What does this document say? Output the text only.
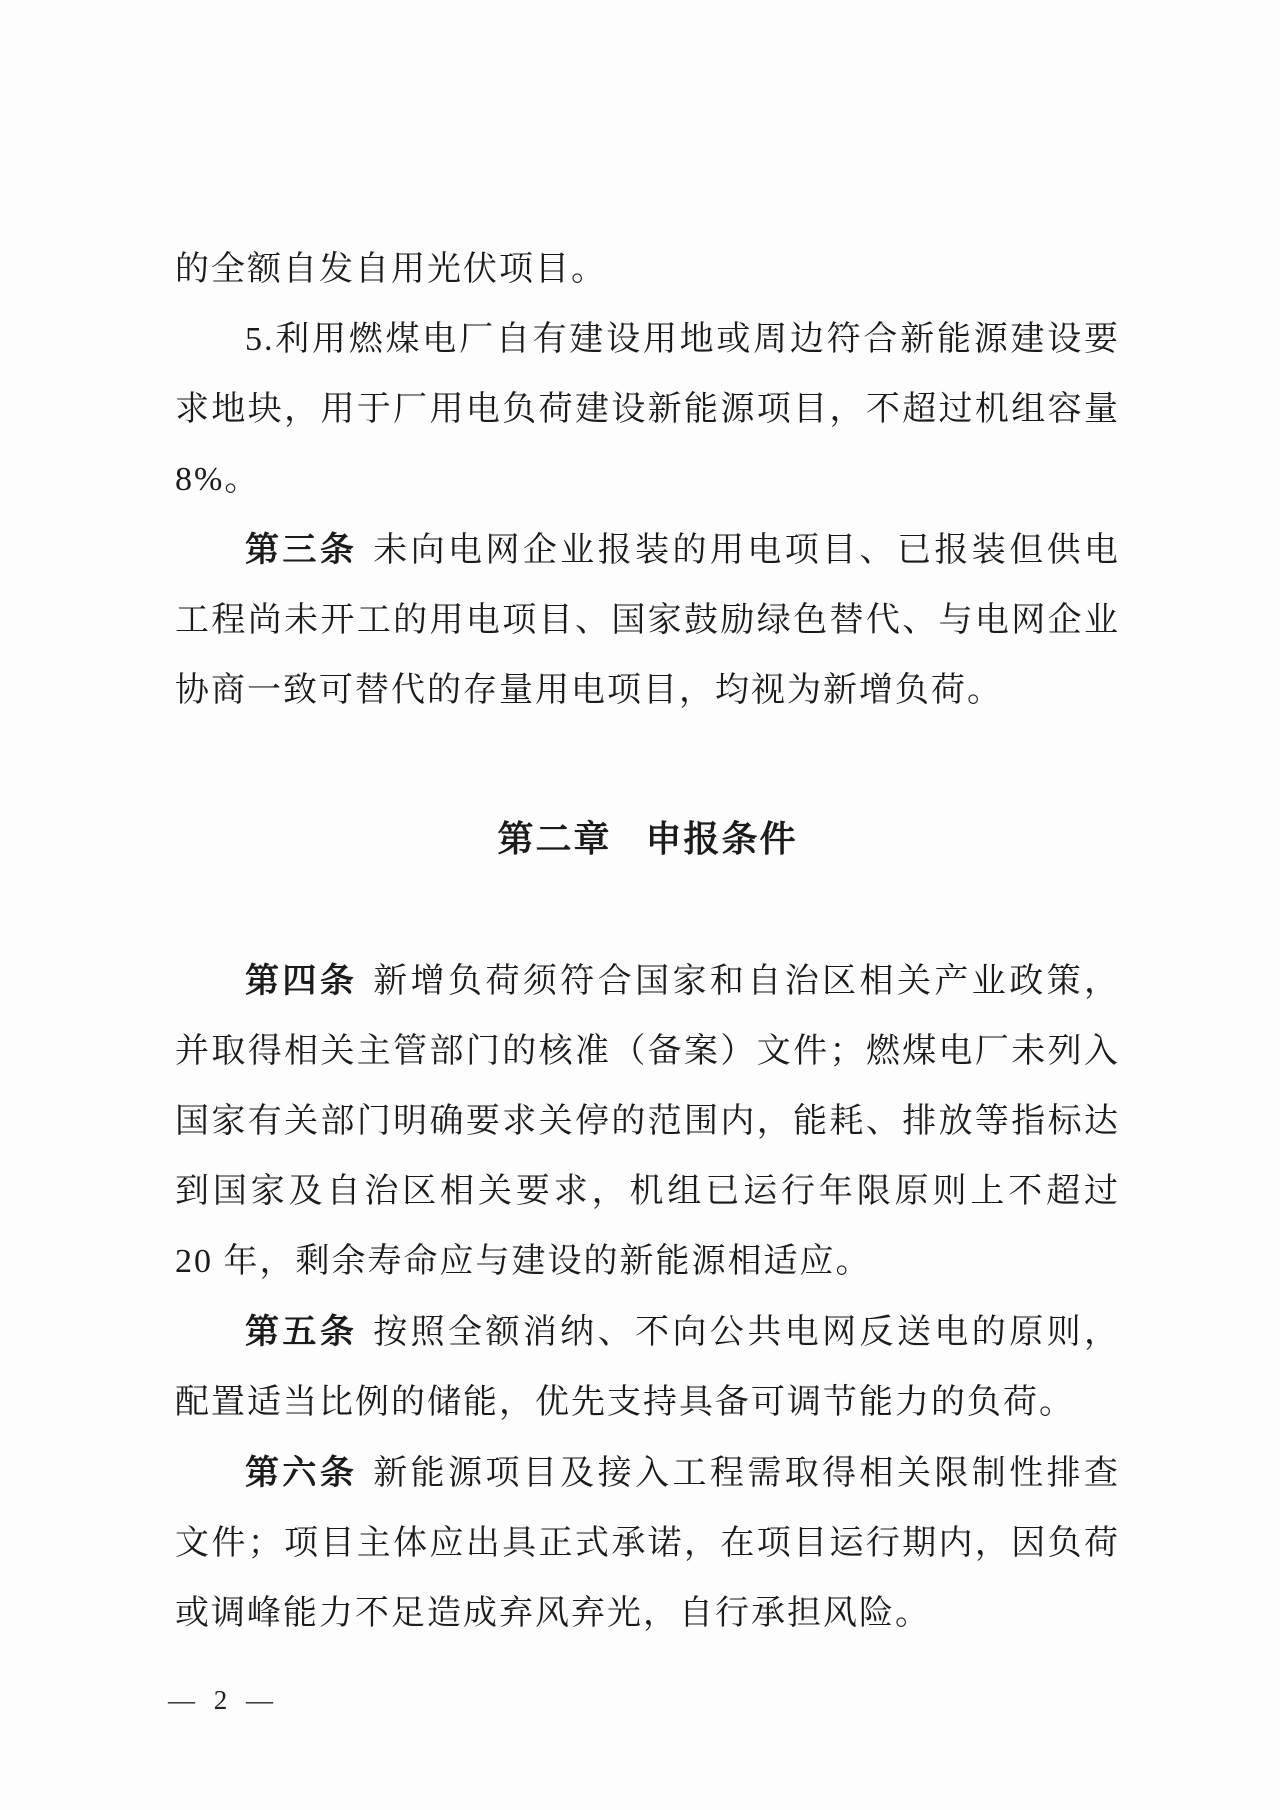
的全额自发自用光伏项目。

5.利用燃煤电厂自有建设用地或周边符合新能源建设要求地块，用于厂用电负荷建设新能源项目，不超过机组容量 8%。

第三条 未向电网企业报装的用电项目、已报装但供电工程尚未开工的用电项目、国家鼓励绿色替代、与电网企业协商一致可替代的存量用电项目，均视为新增负荷。

第二章 申报条件

第四条 新增负荷须符合国家和自治区相关产业政策，并取得相关主管部门的核准（备案）文件；燃煤电厂未列入国家有关部门明确要求关停的范围内，能耗、排放等指标达到国家及自治区相关要求，机组已运行年限原则上不超过 20 年，剩余寿命应与建设的新能源相适应。

第五条 按照全额消纳、不向公共电网反送电的原则，配置适当比例的储能，优先支持具备可调节能力的负荷。

第六条 新能源项目及接入工程需取得相关限制性排查文件；项目主体应出具正式承诺，在项目运行期内，因负荷或调峰能力不足造成弃风弃光，自行承担风险。

— 2 —
